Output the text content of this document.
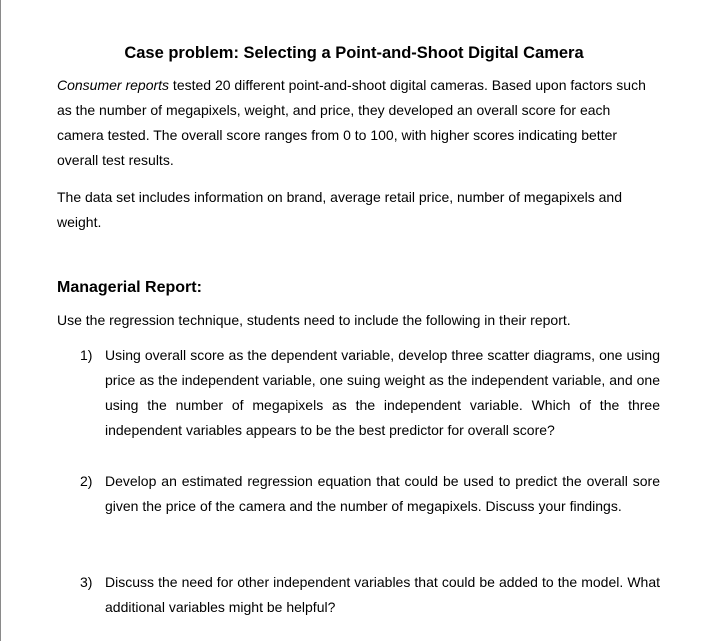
Case problem: Selecting a Point-and-Shoot Digital Camera

Consumer reports tested 20 different point-and-shoot digital cameras. Based upon factors such as the number of megapixels, weight, and price, they developed an overall score for each camera tested. The overall score ranges from 0 to 100, with higher scores indicating better overall test results.

The data set includes information on brand, average retail price, number of megapixels and weight.

Managerial Report:

Use the regression technique, students need to include the following in their report.

1) Using overall score as the dependent variable, develop three scatter diagrams, one using price as the independent variable, one suing weight as the independent variable, and one using the number of megapixels as the independent variable. Which of the three independent variables appears to be the best predictor for overall score?
2) Develop an estimated regression equation that could be used to predict the overall sore given the price of the camera and the number of megapixels. Discuss your findings.
3) Discuss the need for other independent variables that could be added to the model. What additional variables might be helpful?
